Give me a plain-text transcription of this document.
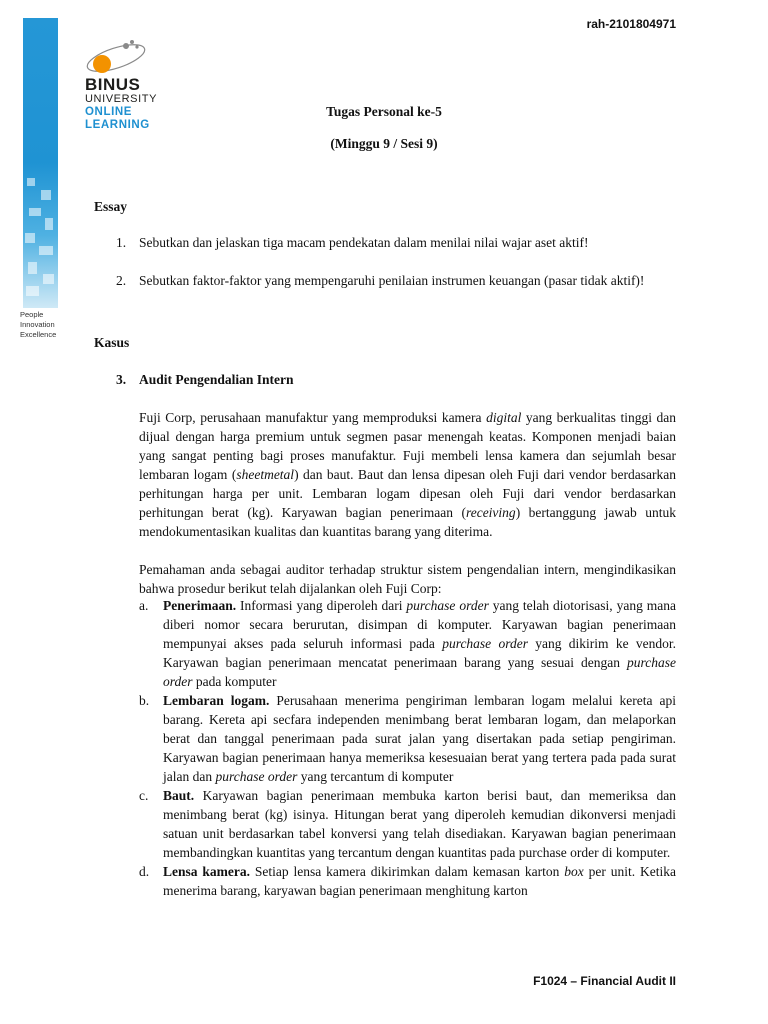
People
Innovation
Excellence
BINUS
UNIVERSITY
ONLINE
LEARNING
rah-2101804971
Tugas Personal ke-5
(Minggu 9 / Sesi 9)
Essay
1. Sebutkan dan jelaskan tiga macam pendekatan dalam menilai nilai wajar aset aktif!
2. Sebutkan faktor-faktor yang mempengaruhi penilaian instrumen keuangan (pasar tidak aktif)!
Kasus
3. Audit Pengendalian Intern
Fuji Corp, perusahaan manufaktur yang memproduksi kamera digital yang berkualitas tinggi dan dijual dengan harga premium untuk segmen pasar menengah keatas. Komponen menjadi baian yang sangat penting bagi proses manufaktur. Fuji membeli lensa kamera dan sejumlah besar lembaran logam (sheetmetal) dan baut. Baut dan lensa dipesan oleh Fuji dari vendor berdasarkan perhitungan harga per unit. Lembaran logam dipesan oleh Fuji dari vendor berdasarkan perhitungan berat (kg). Karyawan bagian penerimaan (receiving) bertanggung jawab untuk mendokumentasikan kualitas dan kuantitas barang yang diterima.
Pemahaman anda sebagai auditor terhadap struktur sistem pengendalian intern, mengindikasikan bahwa prosedur berikut telah dijalankan oleh Fuji Corp:
a. Penerimaan. Informasi yang diperoleh dari purchase order yang telah diotorisasi, yang mana diberi nomor secara berurutan, disimpan di komputer. Karyawan bagian penerimaan mempunyai akses pada seluruh informasi pada purchase order yang dikirim ke vendor. Karyawan bagian penerimaan mencatat penerimaan barang yang sesuai dengan purchase order pada komputer
b. Lembaran logam. Perusahaan menerima pengiriman lembaran logam melalui kereta api barang. Kereta api secfara independen menimbang berat lembaran logam, dan melaporkan berat dan tanggal penerimaan pada surat jalan yang disertakan pada setiap pengiriman. Karyawan bagian penerimaan hanya memeriksa kesesuaian berat yang tertera pada pada surat jalan dan purchase order yang tercantum di komputer
c. Baut. Karyawan bagian penerimaan membuka karton berisi baut, dan memeriksa dan menimbang berat (kg) isinya. Hitungan berat yang diperoleh kemudian dikonversi menjadi satuan unit berdasarkan tabel konversi yang telah disediakan. Karyawan bagian penerimaan membandingkan kuantitas yang tercantum dengan kuantitas pada purchase order di komputer.
d. Lensa kamera. Setiap lensa kamera dikirimkan dalam kemasan karton box per unit. Ketika menerima barang, karyawan bagian penerimaan menghitung karton
F1024 – Financial Audit II
